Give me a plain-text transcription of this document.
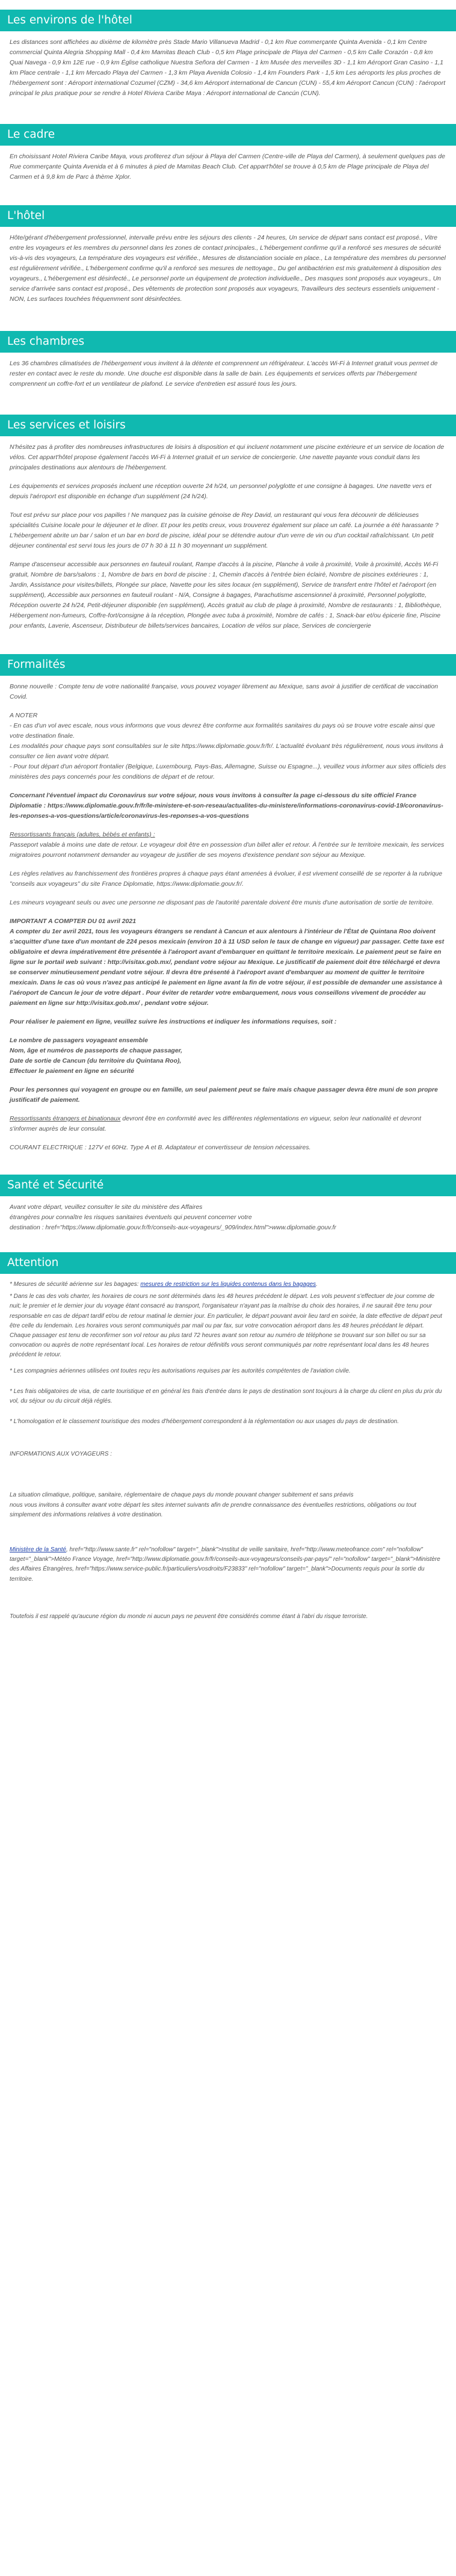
Les environs de l'hôtel

Les distances sont affichées au dixième de kilomètre près Stade Mario Villanueva Madrid - 0,1 km Rue commerçante Quinta Avenida - 0,1 km Centre commercial Quinta Alegria Shopping Mall - 0,4 km Mamitas Beach Club - 0,5 km Plage principale de Playa del Carmen - 0,5 km Calle Corazón - 0,8 km Quai Navega - 0,9 km 12E rue - 0,9 km Église catholique Nuestra Señora del Carmen - 1 km Musée des merveilles 3D - 1,1 km Aéroport Gran Casino - 1,1 km Place centrale - 1,1 km Mercado Playa del Carmen - 1,3 km Playa Avenida Colosio - 1,4 km Founders Park - 1,5 km Les aéroports les plus proches de l'hébergement sont : Aéroport international Cozumel (CZM) - 34,6 km Aéroport international de Cancun (CUN) - 55,4 km Aéroport Cancun (CUN) : l'aéroport principal le plus pratique pour se rendre à Hotel Riviera Caribe Maya : Aéroport international de Cancún (CUN).

Le cadre

En choisissant Hotel Riviera Caribe Maya, vous profiterez d'un séjour à Playa del Carmen (Centre-ville de Playa del Carmen), à seulement quelques pas de Rue commerçante Quinta Avenida et à 6 minutes à pied de Mamitas Beach Club. Cet appart'hôtel se trouve à 0,5 km de Plage principale de Playa del Carmen et à 9,8 km de Parc à thème Xplor.

L'hôtel

Hôte/gérant d'hébergement professionnel, intervalle prévu entre les séjours des clients - 24 heures, Un service de départ sans contact est proposé., Vitre entre les voyageurs et les membres du personnel dans les zones de contact principales., L'hébergement confirme qu'il a renforcé ses mesures de sécurité vis-à-vis des voyageurs, La température des voyageurs est vérifiée., Mesures de distanciation sociale en place., La température des membres du personnel est régulièrement vérifiée., L'hébergement confirme qu'il a renforcé ses mesures de nettoyage., Du gel antibactérien est mis gratuitement à disposition des voyageurs., L'hébergement est désinfecté., Le personnel porte un équipement de protection individuelle., Des masques sont proposés aux voyageurs., Un service d'arrivée sans contact est proposé., Des vêtements de protection sont proposés aux voyageurs, Travailleurs des secteurs essentiels uniquement - NON, Les surfaces touchées fréquemment sont désinfectées.

Les chambres

Les 36 chambres climatisées de l'hébergement vous invitent à la détente et comprennent un réfrigérateur. L'accès Wi-Fi à Internet gratuit vous permet de rester en contact avec le reste du monde. Une douche est disponible dans la salle de bain. Les équipements et services offerts par l'hébergement comprennent un coffre-fort et un ventilateur de plafond. Le service d'entretien est assuré tous les jours.

Les services et loisirs

N'hésitez pas à profiter des nombreuses infrastructures de loisirs à disposition et qui incluent notamment une piscine extérieure et un service de location de vélos. Cet appart'hôtel propose également l'accès Wi-Fi à Internet gratuit et un service de conciergerie. Une navette payante vous conduit dans les principales destinations aux alentours de l'hébergement.

Les équipements et services proposés incluent une réception ouverte 24 h/24, un personnel polyglotte et une consigne à bagages. Une navette vers et depuis l'aéroport est disponible en échange d'un supplément (24 h/24).

Tout est prévu sur place pour vos papilles ! Ne manquez pas la cuisine génoise de Rey David, un restaurant qui vous fera découvrir de délicieuses spécialités Cuisine locale pour le déjeuner et le dîner. Et pour les petits creux, vous trouverez également sur place un café. La journée a été harassante ? L'hébergement abrite un bar / salon et un bar en bord de piscine, idéal pour se détendre autour d'un verre de vin ou d'un cocktail rafraîchissant. Un petit déjeuner continental est servi tous les jours de 07 h 30 à 11 h 30 moyennant un supplément.

Rampe d'ascenseur accessible aux personnes en fauteuil roulant, Rampe d'accès à la piscine, Planche à voile à proximité, Voile à proximité, Accès Wi-Fi gratuit, Nombre de bars/salons : 1, Nombre de bars en bord de piscine : 1, Chemin d'accès à l'entrée bien éclairé, Nombre de piscines extérieures : 1, Jardin, Assistance pour visites/billets, Plongée sur place, Navette pour les sites locaux (en supplément), Service de transfert entre l'hôtel et l'aéroport (en supplément), Accessible aux personnes en fauteuil roulant - N/A, Consigne à bagages, Parachutisme ascensionnel à proximité, Personnel polyglotte, Réception ouverte 24 h/24, Petit-déjeuner disponible (en supplément), Accès gratuit au club de plage à proximité, Nombre de restaurants : 1, Bibliothèque, Hébergement non-fumeurs, Coffre-fort/consigne à la réception, Plongée avec tuba à proximité, Nombre de cafés : 1, Snack-bar et/ou épicerie fine, Piscine pour enfants, Laverie, Ascenseur, Distributeur de billets/services bancaires, Location de vélos sur place, Services de conciergerie

Formalités

Bonne nouvelle : Compte tenu de votre nationalité française, vous pouvez voyager librement au Mexique, sans avoir à justifier de certificat de vaccination Covid.

A NOTER
- En cas d'un vol avec escale, nous vous informons que vous devrez être conforme aux formalités sanitaires du pays où se trouve votre escale ainsi que votre destination finale.
Les modalités pour chaque pays sont consultables sur le site https://www.diplomatie.gouv.fr/fr/. L'actualité évoluant très régulièrement, nous vous invitons à consulter ce lien avant votre départ.
- Pour tout départ d'un aéroport frontalier (Belgique, Luxembourg, Pays-Bas, Allemagne, Suisse ou Espagne...), veuillez vous informer aux sites officiels des ministères des pays concernés pour les conditions de départ et de retour.

Concernant l'éventuel impact du Coronavirus sur votre séjour, nous vous invitons à consulter la page ci-dessous du site officiel France Diplomatie : https://www.diplomatie.gouv.fr/fr/le-ministere-et-son-reseau/actualites-du-ministere/informations-coronavirus-covid-19/coronavirus-les-reponses-a-vos-questions/article/coronavirus-les-reponses-a-vos-questions

Ressortissants français (adultes, bébés et enfants) :
Passeport valable à moins une date de retour. Le voyageur doit être en possession d'un billet aller et retour. À l'entrée sur le territoire mexicain, les services migratoires pourront notamment demander au voyageur de justifier de ses moyens d'existence pendant son séjour au Mexique.

Les règles relatives au franchissement des frontières propres à chaque pays étant amenées à évoluer, il est vivement conseillé de se reporter à la rubrique "conseils aux voyageurs" du site France Diplomatie, https://www.diplomatie.gouv.fr/.

Les mineurs voyageant seuls ou avec une personne ne disposant pas de l'autorité parentale doivent être munis d'une autorisation de sortie de territoire.

IMPORTANT A COMPTER DU 01 avril 2021
A compter du 1er avril 2021, tous les voyageurs étrangers se rendant à Cancun et aux alentours à l'intérieur de l'État de Quintana Roo doivent s'acquitter d'une taxe d'un montant de 224 pesos mexicain (environ 10 à 11 USD selon le taux de change en vigueur) par passager. Cette taxe est obligatoire et devra impérativement être présentée à l'aéroport avant d'embarquer en quittant le territoire mexicain. Le paiement peut se faire en ligne sur le portail web suivant : http://visitax.gob.mx/, pendant votre séjour au Mexique. Le justificatif de paiement doit être téléchargé et devra se conserver minutieusement pendant votre séjour. Il devra être présenté à l'aéroport avant d'embarquer au moment de quitter le territoire mexicain. Dans le cas où vous n'avez pas anticipé le paiement en ligne avant la fin de votre séjour, il est possible de demander une assistance à l'aéroport de Cancun le jour de votre départ . Pour éviter de retarder votre embarquement, nous vous conseillons vivement de procéder au paiement en ligne sur http://visitax.gob.mx/ , pendant votre séjour.

Pour réaliser le paiement en ligne, veuillez suivre les instructions et indiquer les informations requises, soit :

Le nombre de passagers voyageant ensemble
Nom, âge et numéros de passeports de chaque passager,
Date de sortie de Cancun (du territoire du Quintana Roo),
Effectuer le paiement en ligne en sécurité

Pour les personnes qui voyagent en groupe ou en famille, un seul paiement peut se faire mais chaque passager devra être muni de son propre justificatif de paiement.

Ressortissants étrangers et binationaux devront être en conformité avec les différentes réglementations en vigueur, selon leur nationalité et devront s'informer auprès de leur consulat.

COURANT ELECTRIQUE : 127V et 60Hz. Type A et B. Adaptateur et convertisseur de tension nécessaires.

Santé et Sécurité

Avant votre départ, veuillez consulter le site du ministère des Affaires
étrangères pour connaître les risques sanitaires éventuels qui peuvent concerner votre
destination : href="https://www.diplomatie.gouv.fr/fr/conseils-aux-voyageurs/_909/index.html">www.diplomatie.gouv.fr

Attention

* Mesures de sécurité aérienne sur les bagages: mesures de restriction sur les liquides contenus dans les bagages.

* Dans le cas des vols charter, les horaires de cours ne sont déterminés dans les 48 heures précédent le départ. Les vols peuvent s'effectuer de jour comme de nuit; le premier et le dernier jour du voyage étant consacré au transport, l'organisateur n'ayant pas la maîtrise du choix des horaires, il ne saurait être tenu pour responsable en cas de départ tardif et/ou de retour matinal le dernier jour. En particulier, le départ pouvant avoir lieu tard en soirée, la date effective de départ peut être celle du lendemain. Les horaires vous seront communiqués par mail ou par fax, sur votre convocation aéroport dans les 48 heures précédant le départ. Chaque passager est tenu de reconfirmer son vol retour au plus tard 72 heures avant son retour au numéro de téléphone se trouvant sur son billet ou sur sa convocation ou auprès de notre représentant local. Les horaires de retour définitifs vous seront communiqués par notre représentant local dans les 48 heures précédent le retour.

* Les compagnies aériennes utilisées ont toutes reçu les autorisations requises par les autorités compétentes de l'aviation civile.

* Les frais obligatoires de visa, de carte touristique et en général les frais d'entrée dans le pays de destination sont toujours à la charge du client en plus du prix du vol, du séjour ou du circuit déjà réglés.

* L'homologation et le classement touristique des modes d'hébergement correspondent à la réglementation ou aux usages du pays de destination.

INFORMATIONS AUX VOYAGEURS :

La situation climatique, politique, sanitaire, réglementaire de chaque pays du monde pouvant changer subitement et sans préavis
nous vous invitons à consulter avant votre départ les sites internet suivants afin de prendre connaissance des éventuelles restrictions, obligations ou tout simplement des informations relatives à votre destination.

Ministère de la Santé, href="http://www.sante.fr" rel="nofollow" target="_blank">Institut de veille sanitaire, href="http://www.meteofrance.com" rel="nofollow" target="_blank">Météo France Voyage, href="http://www.diplomatie.gouv.fr/fr/conseils-aux-voyageurs/conseils-par-pays/" rel="nofollow" target="_blank">Ministère des Affaires Étrangères, href="https://www.service-public.fr/particuliers/vosdroits/F23833" rel="nofollow" target="_blank">Documents requis pour la sortie du territoire.

Toutefois il est rappelé qu'aucune région du monde ni aucun pays ne peuvent être considérés comme étant à l'abri du risque terroriste.
